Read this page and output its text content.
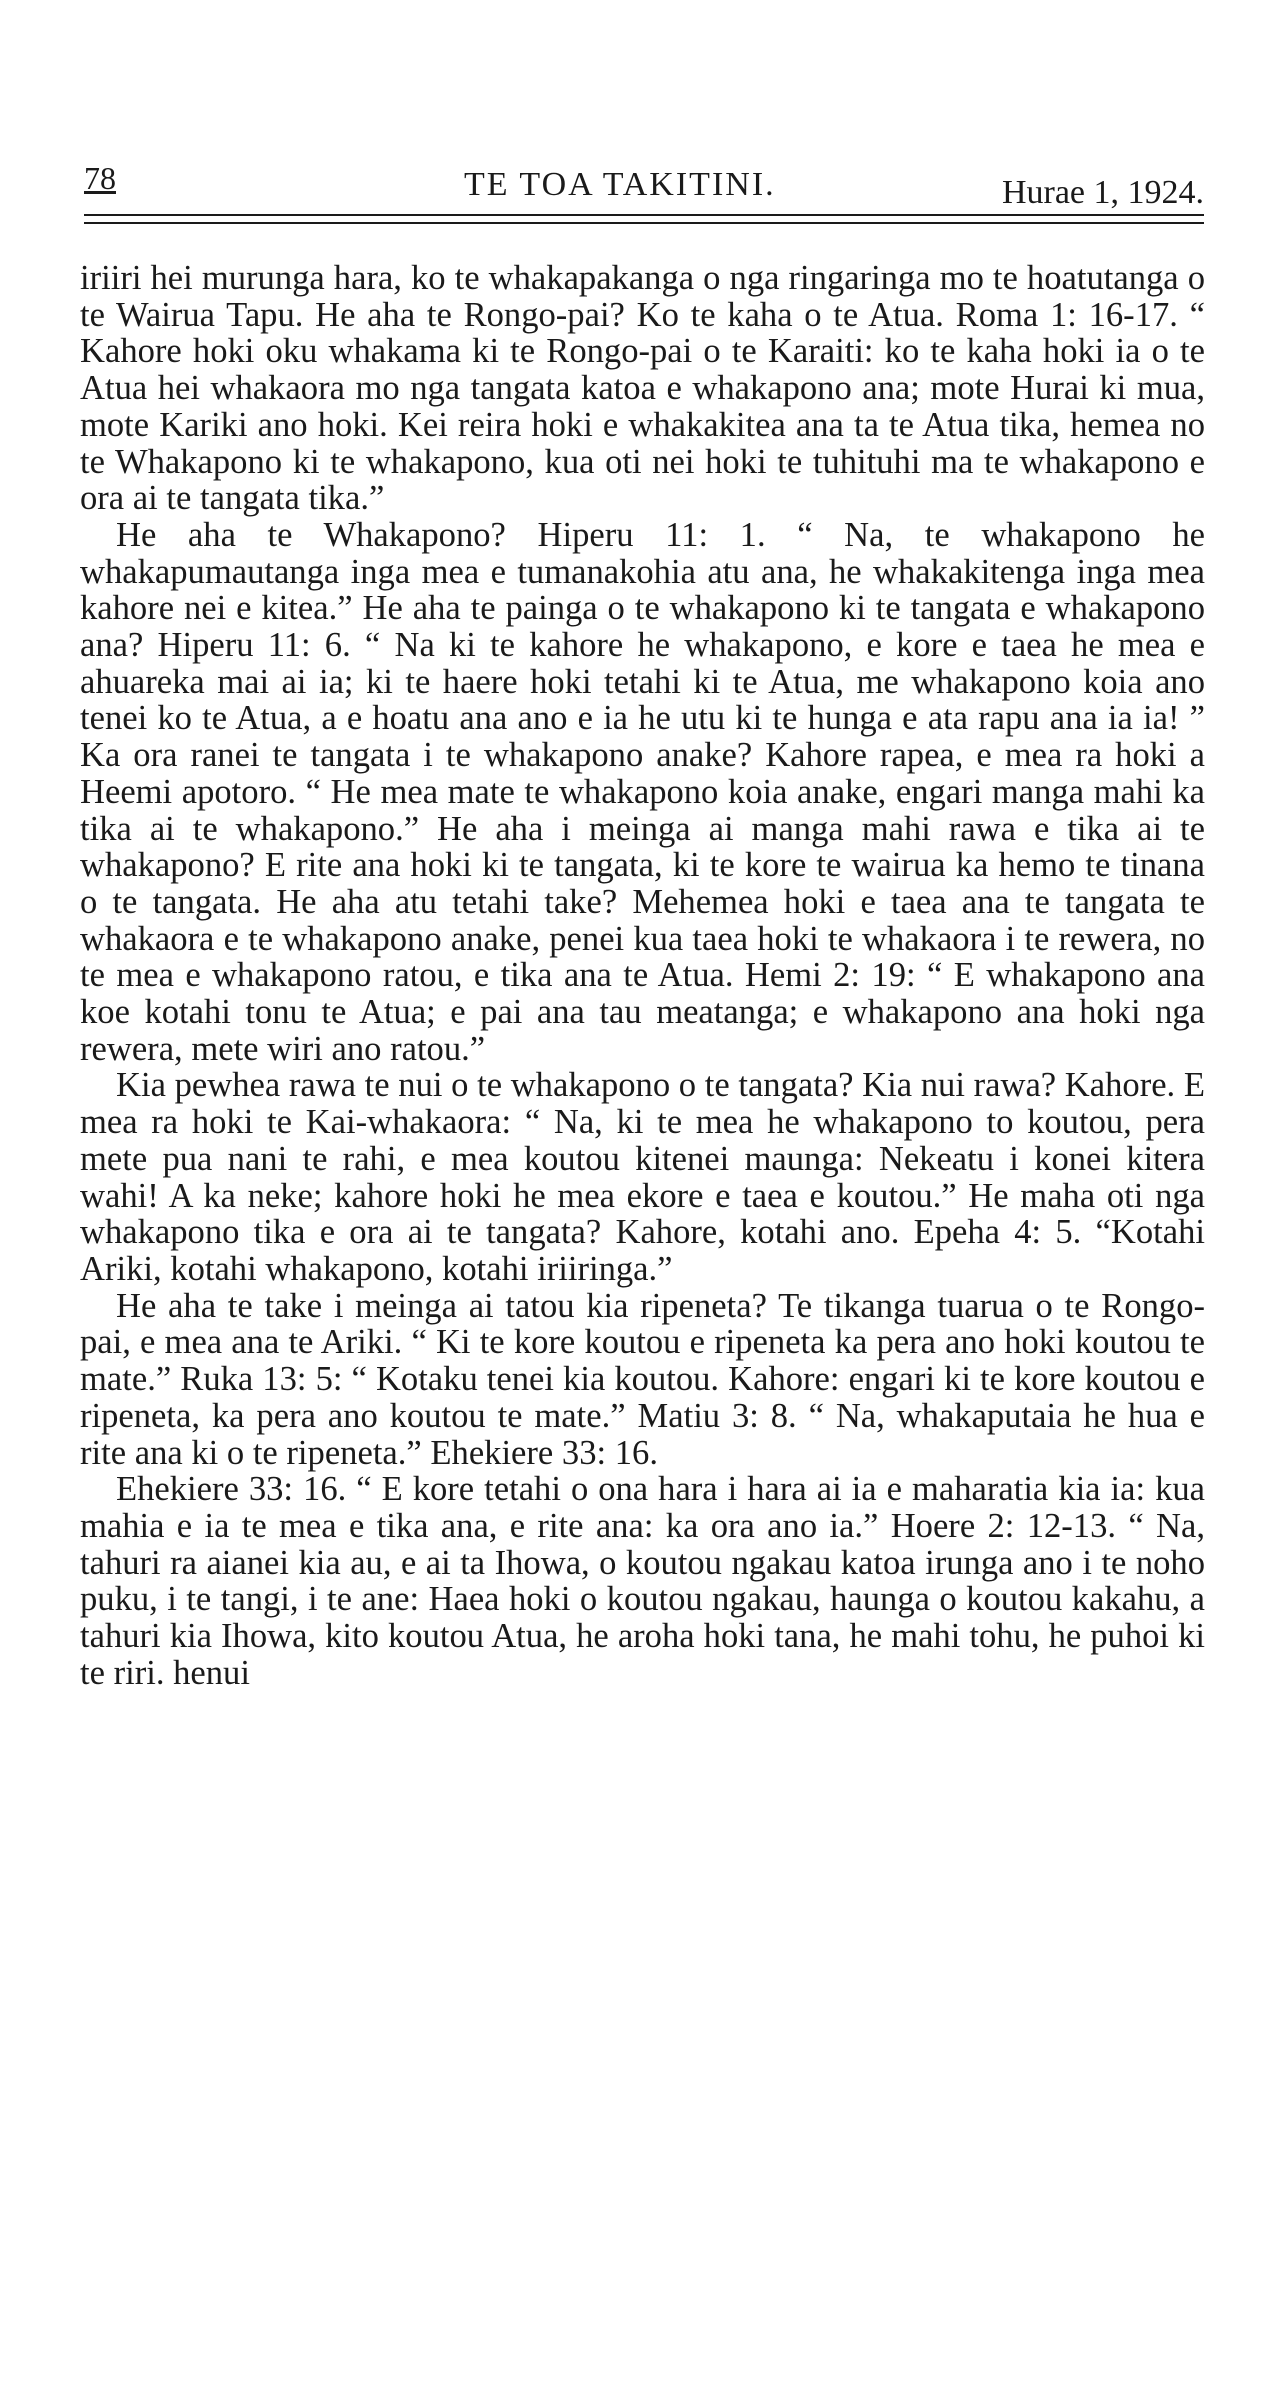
78	TE TOA TAKITINI.	Hurae 1, 1924.

iriiri hei murunga hara, ko te whakapakanga o nga ringaringa mo te hoatutanga o te Wairua Tapu. He aha te Rongo-pai? Ko te kaha o te Atua. Roma 1: 16-17. “ Kahore hoki oku whakama ki te Rongo-pai o te Karaiti: ko te kaha hoki ia o te Atua hei whakaora mo nga tangata katoa e whakapono ana; mote Hurai ki mua, mote Kariki ano hoki. Kei reira hoki e whakakitea ana ta te Atua tika, hemea no te Whakapono ki te whakapono, kua oti nei hoki te tuhituhi ma te whakapono e ora ai te tangata tika.”

He aha te Whakapono? Hiperu 11: 1. “ Na, te whakapono he whakapumautanga inga mea e tumanakohia atu ana, he whakakitenga inga mea kahore nei e kitea.” He aha te painga o te whakapono ki te tangata e whakapono ana? Hiperu 11: 6. “ Na ki te kahore he whakapono, e kore e taea he mea e ahuareka mai ai ia; ki te haere hoki tetahi ki te Atua, me whakapono koia ano tenei ko te Atua, a e hoatu ana ano e ia he utu ki te hunga e ata rapu ana ia ia! ” Ka ora ranei te tangata i te whakapono anake? Kahore rapea, e mea ra hoki a Heemi apotoro. “ He mea mate te whakapono koia anake, engari manga mahi ka tika ai te whakapono.” He aha i meinga ai manga mahi rawa e tika ai te whakapono? E rite ana hoki ki te tangata, ki te kore te wairua ka hemo te tinana o te tangata. He aha atu tetahi take? Mehemea hoki e taea ana te tangata te whakaora e te whakapono anake, penei kua taea hoki te whakaora i te rewera, no te mea e whakapono ratou, e tika ana te Atua. Hemi 2: 19: “ E whakapono ana koe kotahi tonu te Atua; e pai ana tau meatanga; e whakapono ana hoki nga rewera, mete wiri ano ratou.”

Kia pewhea rawa te nui o te whakapono o te tangata? Kia nui rawa? Kahore. E mea ra hoki te Kai-whakaora: “ Na, ki te mea he whakapono to koutou, pera mete pua nani te rahi, e mea koutou kitenei maunga: Nekeatu i konei kitera wahi! A ka neke; kahore hoki he mea ekore e taea e koutou.” He maha oti nga whakapono tika e ora ai te tangata? Kahore, kotahi ano. Epeha 4: 5. “Kotahi Ariki, kotahi whakapono, kotahi iriiringa.”

He aha te take i meinga ai tatou kia ripeneta? Te tikanga tuarua o te Rongo-pai, e mea ana te Ariki. “ Ki te kore koutou e ripeneta ka pera ano hoki koutou te mate.” Ruka 13: 5: “ Kotaku tenei kia koutou. Kahore: engari ki te kore koutou e ripeneta, ka pera ano koutou te mate.” Matiu 3: 8. “ Na, whakaputaia he hua e rite ana ki o te ripeneta.” Ehekiere 33: 16.

Ehekiere 33: 16. “ E kore tetahi o ona hara i hara ai ia e maharatia kia ia: kua mahia e ia te mea e tika ana, e rite ana: ka ora ano ia.” Hoere 2: 12-13. “ Na, tahuri ra aianei kia au, e ai ta Ihowa, o koutou ngakau katoa irunga ano i te noho puku, i te tangi, i te ane: Haea hoki o koutou ngakau, haunga o koutou kakahu, a tahuri kia Ihowa, kito koutou Atua, he aroha hoki tana, he mahi tohu, he puhoi ki te riri. henui
